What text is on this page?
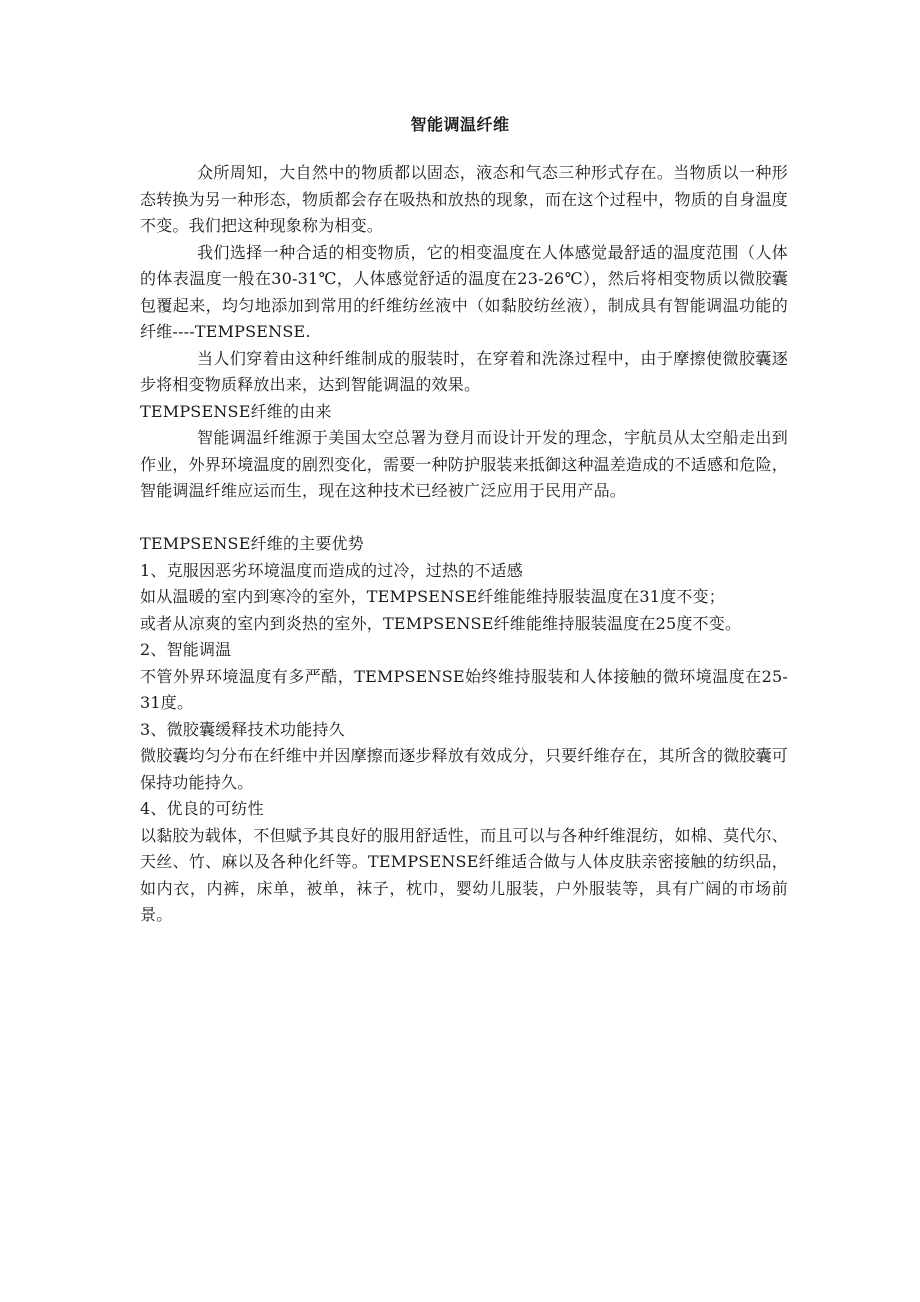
智能调温纤维

众所周知，大自然中的物质都以固态，液态和气态三种形式存在。当物质以一种形态转换为另一种形态，物质都会存在吸热和放热的现象，而在这个过程中，物质的自身温度不变。我们把这种现象称为相变。

我们选择一种合适的相变物质，它的相变温度在人体感觉最舒适的温度范围（人体的体表温度一般在30-31℃，人体感觉舒适的温度在23-26℃），然后将相变物质以微胶囊包覆起来，均匀地添加到常用的纤维纺丝液中（如黏胶纺丝液），制成具有智能调温功能的纤维----TEMPSENSE.

当人们穿着由这种纤维制成的服装时，在穿着和洗涤过程中，由于摩擦使微胶囊逐步将相变物质释放出来，达到智能调温的效果。

TEMPSENSE纤维的由来

智能调温纤维源于美国太空总署为登月而设计开发的理念，宇航员从太空船走出到作业，外界环境温度的剧烈变化，需要一种防护服装来抵御这种温差造成的不适感和危险，智能调温纤维应运而生，现在这种技术已经被广泛应用于民用产品。

TEMPSENSE纤维的主要优势

1、克服因恶劣环境温度而造成的过冷，过热的不适感

如从温暖的室内到寒冷的室外，TEMPSENSE纤维能维持服装温度在31度不变；

或者从凉爽的室内到炎热的室外，TEMPSENSE纤维能维持服装温度在25度不变。

2、智能调温

不管外界环境温度有多严酷，TEMPSENSE始终维持服装和人体接触的微环境温度在25-31度。

3、微胶囊缓释技术功能持久

微胶囊均匀分布在纤维中并因摩擦而逐步释放有效成分，只要纤维存在，其所含的微胶囊可保持功能持久。

4、优良的可纺性

以黏胶为载体，不但赋予其良好的服用舒适性，而且可以与各种纤维混纺，如棉、莫代尔、天丝、竹、麻以及各种化纤等。TEMPSENSE纤维适合做与人体皮肤亲密接触的纺织品，如内衣，内裤，床单，被单，袜子，枕巾，婴幼儿服装，户外服装等，具有广阔的市场前景。
